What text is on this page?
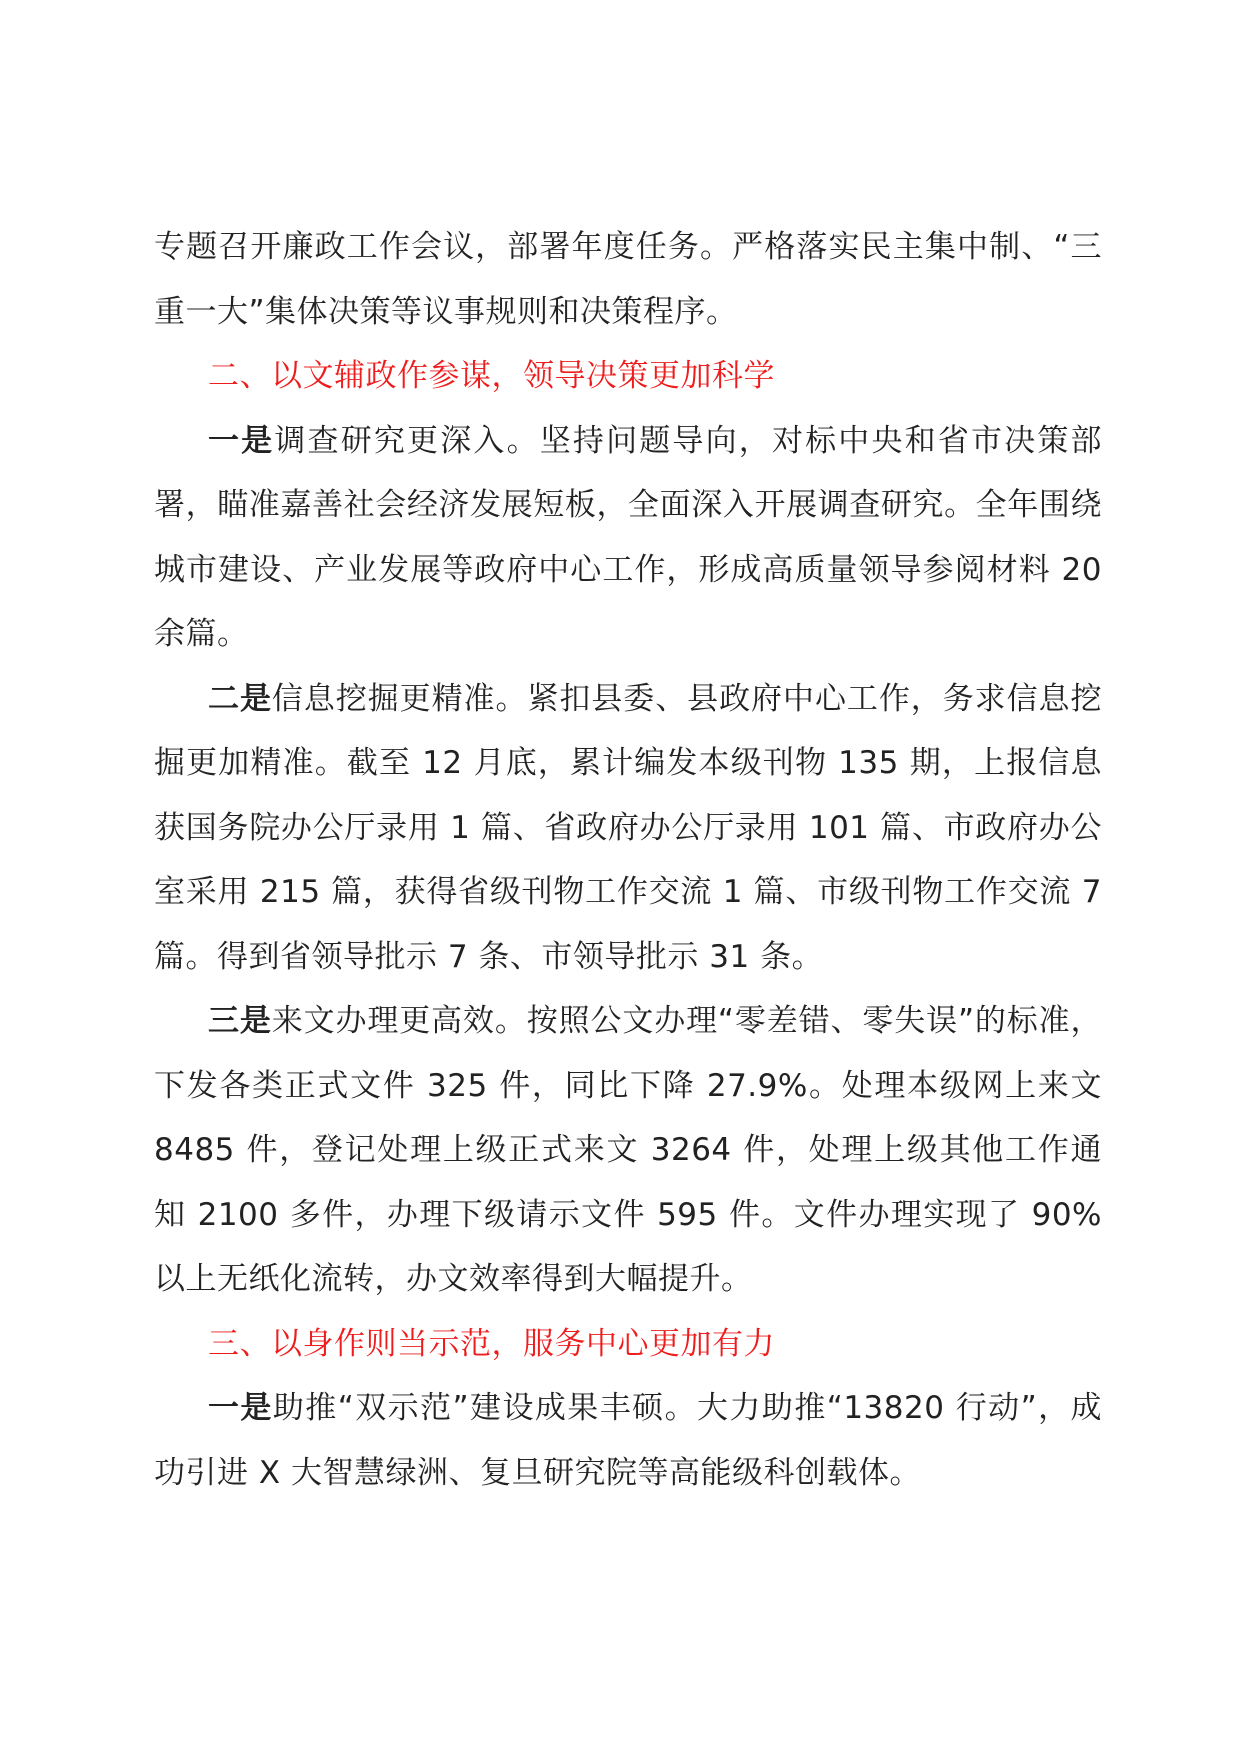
专题召开廉政工作会议，部署年度任务。严格落实民主集中制、“三重一大”集体决策等议事规则和决策程序。

二、以文辅政作参谋，领导决策更加科学

一是调查研究更深入。坚持问题导向，对标中央和省市决策部署，瞄准嘉善社会经济发展短板，全面深入开展调查研究。全年围绕城市建设、产业发展等政府中心工作，形成高质量领导参阅材料 20 余篇。

二是信息挖掘更精准。紧扣县委、县政府中心工作，务求信息挖掘更加精准。截至 12 月底，累计编发本级刊物 135 期，上报信息获国务院办公厅录用 1 篇、省政府办公厅录用 101 篇、市政府办公室采用 215 篇，获得省级刊物工作交流 1 篇、市级刊物工作交流 7 篇。得到省领导批示 7 条、市领导批示 31 条。

三是来文办理更高效。按照公文办理“零差错、零失误”的标准，下发各类正式文件 325 件，同比下降 27.9%。处理本级网上来文 8485 件，登记处理上级正式来文 3264 件，处理上级其他工作通知 2100 多件，办理下级请示文件 595 件。文件办理实现了 90%以上无纸化流转，办文效率得到大幅提升。

三、以身作则当示范，服务中心更加有力

一是助推“双示范”建设成果丰硕。大力助推“13820 行动”，成功引进 X 大智慧绿洲、复旦研究院等高能级科创载体。
